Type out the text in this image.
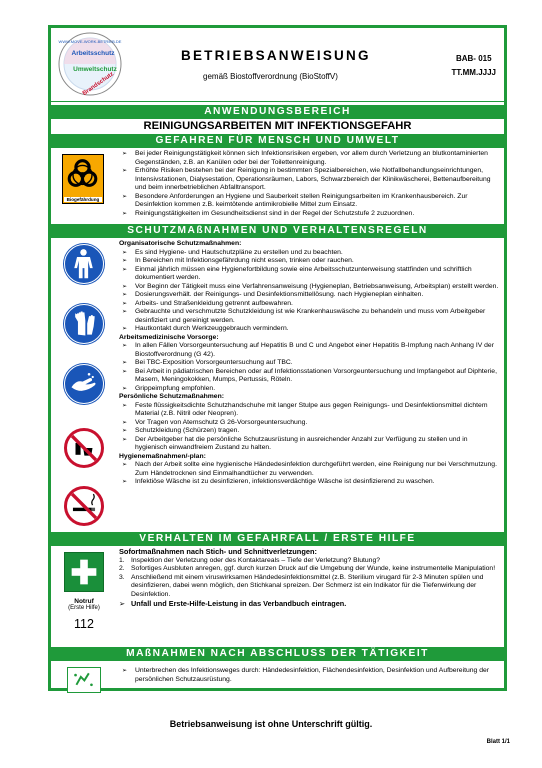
WWW.MOVE-WORK-BETRIEB.DE
Arbeitsschutz
Umweltschutz
Brandschutz
BETRIEBSANWEISUNG
gemäß Biostoffverordnung (BioStoffV)
BAB- 015
TT.MM.JJJJ
ANWENDUNGSBEREICH
REINIGUNGSARBEITEN MIT INFEKTIONSGEFAHR
GEFAHREN FÜR MENSCH UND UMWELT
Biogefährdung
➢ Bei jeder Reinigungstätigkeit können sich Infektionsrisiken ergeben, vor allem durch Verletzung an blutkontaminierten Gegenständen, z.B. an Kanülen oder bei der Toilettenreinigung.
➢ Erhöhte Risiken bestehen bei der Reinigung in bestimmten Spezialbereichen, wie Notfallbehandlungseinrichtungen, Intensivstationen, Dialysestation, Operationsräumen, Labors, Schwarzbereich der Klinikwäscherei, Bettenaufbereitung und beim innerbetrieblichen Abfalltransport.
➢ Besondere Anforderungen an Hygiene und Sauberkeit stellen Reinigungsarbeiten im Krankenhausbereich. Zur Desinfektion kommen z.B. keimtötende antimikrobielle Mittel zum Einsatz.
➢ Reinigungstätigkeiten im Gesundheitsdienst sind in der Regel der Schutzstufe 2 zuzuordnen.
SCHUTZMAßNAHMEN UND VERHALTENSREGELN
Organisatorische Schutzmaßnahmen:
➢ Es sind Hygiene- und Hautschutzpläne zu erstellen und zu beachten.
➢ In Bereichen mit Infektionsgefährdung nicht essen, trinken oder rauchen.
➢ Einmal jährlich müssen eine Hygienefortbildung sowie eine Arbeitsschutzunterweisung stattfinden und schriftlich dokumentiert werden.
➢ Vor Beginn der Tätigkeit muss eine Verfahrensanweisung (Hygieneplan, Betriebsanweisung, Arbeitsplan) erstellt werden.
➢ Dosierungsverhält. der Reinigungs- und Desinfektionsmittellösung. nach Hygieneplan einhalten.
➢ Arbeits- und Straßenkleidung getrennt aufbewahren.
➢ Gebrauchte und verschmutzte Schutzkleidung ist wie Krankenhauswäsche zu behandeln und muss vom Arbeitgeber desinfiziert und gereinigt werden.
➢ Hautkontakt durch Werkzeuggebrauch vermindern.
Arbeitsmedizinische Vorsorge:
➢ In allen Fällen Vorsorgeuntersuchung auf Hepatitis B und C und Angebot einer Hepatitis B-Impfung nach Anhang IV der Biostoffverordnung (G 42).
➢ Bei TBC-Exposition Vorsorgeuntersuchung auf TBC.
➢ Bei Arbeit in pädiatrischen Bereichen oder auf Infektionsstationen Vorsorgeuntersuchung und Impfangebot auf Diphterie, Masern, Meningokokken, Mumps, Pertussis, Röteln.
➢ Grippeimpfung empfohlen.
Persönliche Schutzmaßnahmen:
➢ Feste flüssigkeitsdichte Schutzhandschuhe mit langer Stulpe aus gegen Reinigungs- und Desinfektionsmittel dichtem Material (z.B. Nitril oder Neopren).
➢ Vor Tragen von Atemschutz G 26-Vorsorgeuntersuchung.
➢ Schutzkleidung (Schürzen) tragen.
➢ Der Arbeitgeber hat die persönliche Schutzausrüstung in ausreichender Anzahl zur Verfügung zu stellen und in hygienisch einwandfreiem Zustand zu halten.
Hygienemaßnahmen/-plan:
➢ Nach der Arbeit sollte eine hygienische Händedesinfektion durchgeführt werden, eine Reinigung nur bei Verschmutzung. Zum Händetrocknen sind Einmalhandtücher zu verwenden.
➢ Infektiöse Wäsche ist zu desinfizieren, infektionsverdächtige Wäsche ist desinfizierend zu waschen.
VERHALTEN IM GEFAHRFALL / ERSTE HILFE
Notruf
(Erste Hilfe)
112
Sofortmaßnahmen nach Stich- und Schnittverletzungen:
1. Inspektion der Verletzung oder des Kontaktareals – Tiefe der Verletzung? Blutung?
2. Sofortiges Ausbluten anregen, ggf. durch kurzen Druck auf die Umgebung der Wunde, keine instrumentelle Manipulation!
3. Anschließend mit einem viruswirksamen Händedesinfektionsmittel (z.B. Sterilium virugard für 2-3 Minuten spülen und desinfizieren, dabei wenn möglich, den Stichkanal spreizen. Der Schmerz ist ein Indikator für die Tiefenwirkung der Desinfektion.
➢ Unfall und Erste-Hilfe-Leistung in das Verbandbuch eintragen.
MAßNAHMEN NACH ABSCHLUSS DER TÄTIGKEIT
➢ Unterbrechen des Infektionsweges durch: Händedesinfektion, Flächendesinfektion, Desinfektion und Aufbereitung der persönlichen Schutzausrüstung.
Betriebsanweisung ist ohne Unterschrift gültig.
Blatt 1/1
